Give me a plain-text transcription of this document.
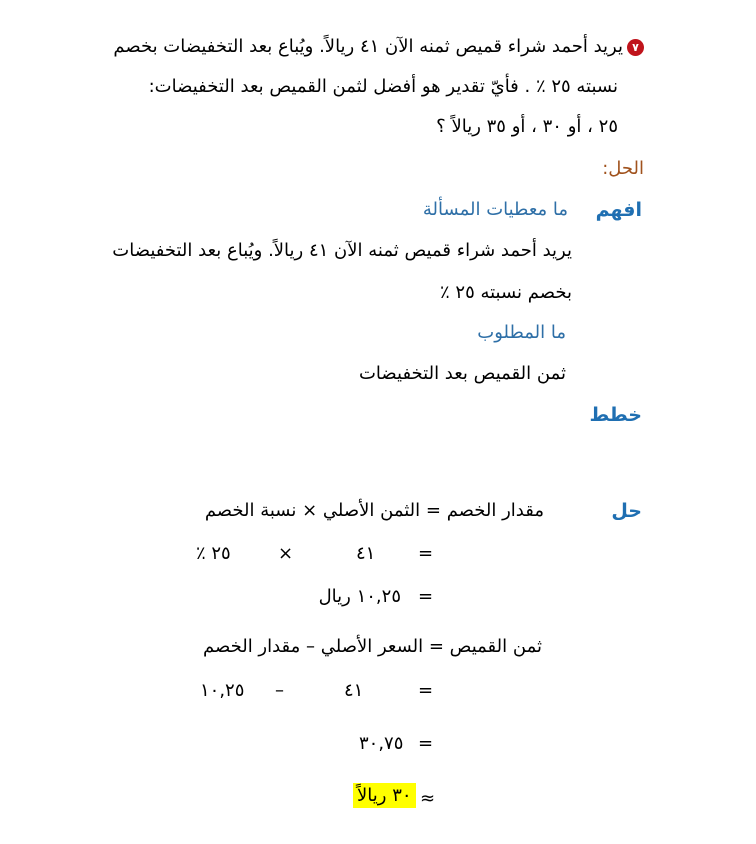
٧يريد أحمد شراء قميص ثمنه الآن ٤١ ريالاً. ويُباع بعد التخفيضات بخصم
نسبته ٢٥ ٪ . فأيّ تقدير هو أفضل لثمن القميص بعد التخفيضات:
٢٥ ، أو ٣٠ ، أو ٣٥ ريالاً ؟
الحل:
افهم
ما معطيات المسألة
يريد أحمد شراء قميص ثمنه الآن ٤١ ريالاً. ويُباع بعد التخفيضات
بخصم نسبته ٢٥ ٪
ما المطلوب
ثمن القميص بعد التخفيضات
خطط
حل
مقدار الخصم = الثمن الأصلي × نسبة الخصم
=
٤١
×
٢٥ ٪
=
١٠,٢٥ ريال
ثمن القميص = السعر الأصلي – مقدار الخصم
=
٤١
–
١٠,٢٥
=
٣٠,٧٥
≈
٣٠ ريالاً
